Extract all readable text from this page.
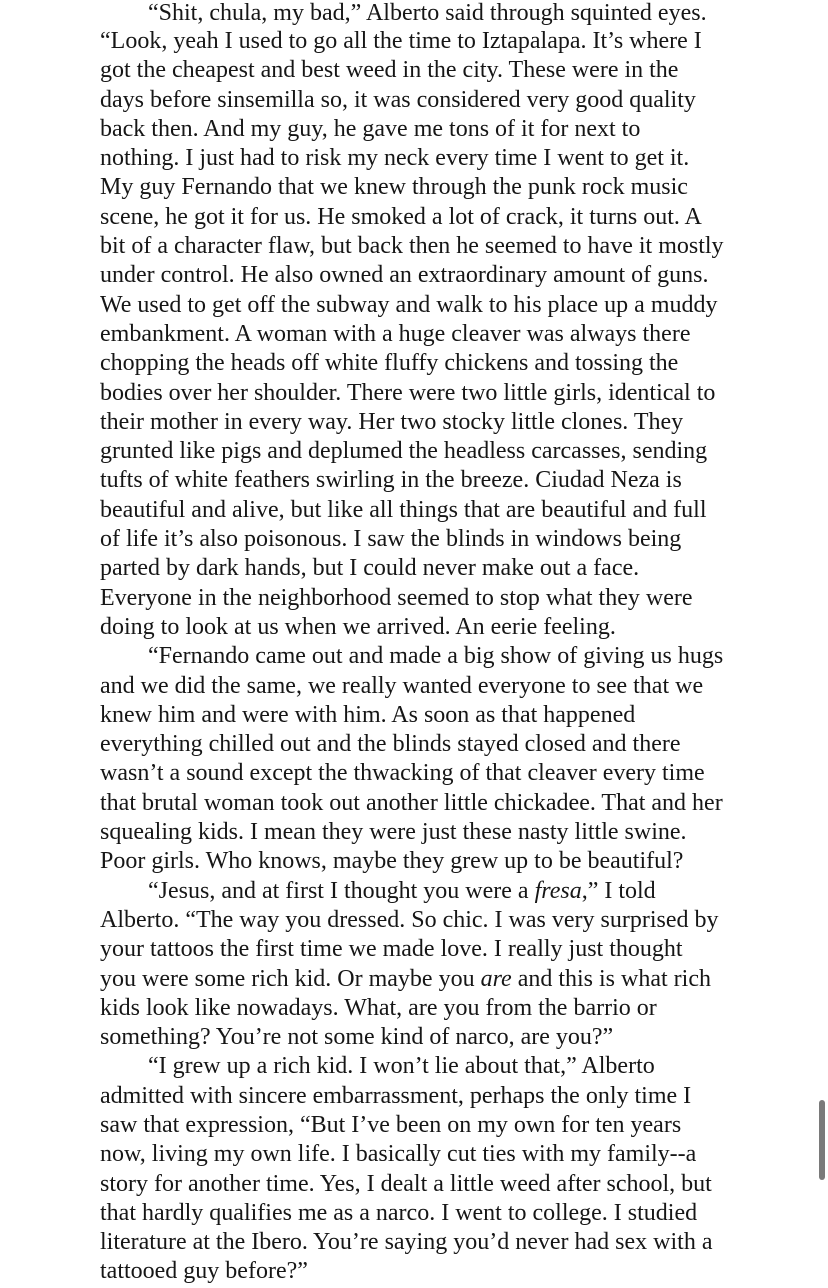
“Shit, chula, my bad,” Alberto said through squinted eyes.
“Look, yeah I used to go all the time to Iztapalapa. It’s where I
got the cheapest and best weed in the city. These were in the
days before sinsemilla so, it was considered very good quality
back then. And my guy, he gave me tons of it for next to
nothing. I just had to risk my neck every time I went to get it.
My guy Fernando that we knew through the punk rock music
scene, he got it for us. He smoked a lot of crack, it turns out. A
bit of a character flaw, but back then he seemed to have it mostly
under control. He also owned an extraordinary amount of guns.
We used to get off the subway and walk to his place up a muddy
embankment. A woman with a huge cleaver was always there
chopping the heads off white fluffy chickens and tossing the
bodies over her shoulder. There were two little girls, identical to
their mother in every way. Her two stocky little clones. They
grunted like pigs and deplumed the headless carcasses, sending
tufts of white feathers swirling in the breeze. Ciudad Neza is
beautiful and alive, but like all things that are beautiful and full
of life it’s also poisonous. I saw the blinds in windows being
parted by dark hands, but I could never make out a face.
Everyone in the neighborhood seemed to stop what they were
doing to look at us when we arrived. An eerie feeling.
“Fernando came out and made a big show of giving us hugs
and we did the same, we really wanted everyone to see that we
knew him and were with him. As soon as that happened
everything chilled out and the blinds stayed closed and there
wasn’t a sound except the thwacking of that cleaver every time
that brutal woman took out another little chickadee. That and her
squealing kids. I mean they were just these nasty little swine.
Poor girls. Who knows, maybe they grew up to be beautiful?
“Jesus, and at first I thought you were a fresa,” I told
Alberto. “The way you dressed. So chic. I was very surprised by
your tattoos the first time we made love. I really just thought
you were some rich kid. Or maybe you are and this is what rich
kids look like nowadays. What, are you from the barrio or
something? You’re not some kind of narco, are you?”
“I grew up a rich kid. I won’t lie about that,” Alberto
admitted with sincere embarrassment, perhaps the only time I
saw that expression, “But I’ve been on my own for ten years
now, living my own life. I basically cut ties with my family--a
story for another time. Yes, I dealt a little weed after school, but
that hardly qualifies me as a narco. I went to college. I studied
literature at the Ibero. You’re saying you’d never had sex with a
tattooed guy before?”
